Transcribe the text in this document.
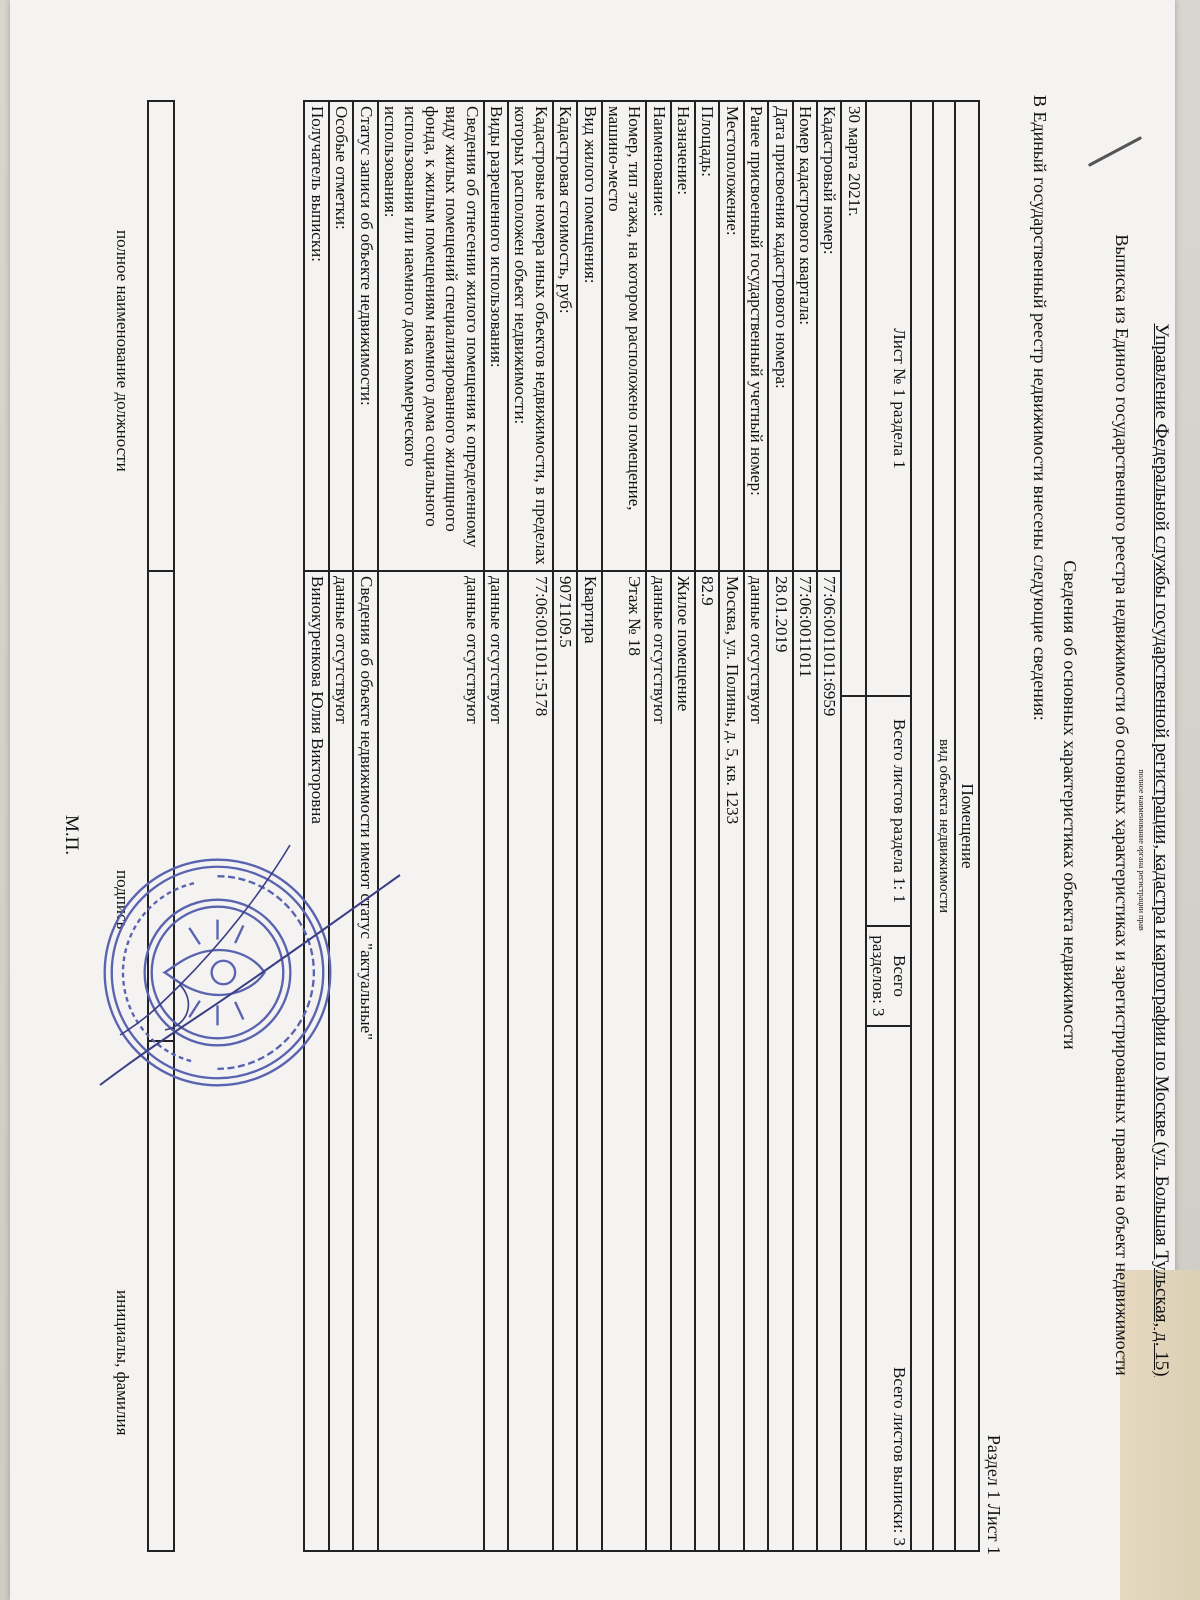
Управление Федеральной службы государственной регистрации, кадастра и картографии по Москве (ул. Большая Тульская, д. 15)
полное наименование органа регистрации прав
Выписка из Единого государственного реестра недвижимости об основных характеристиках и зарегистрированных правах на объект недвижимости
Сведения об основных характеристиках объекта недвижимости
В Единый государственный реестр недвижимости внесены следующие сведения:
Раздел 1 Лист 1
Помещение				
вид объекта недвижимости				

Лист № 1 раздела 1		Всего листов раздела 1: 1	Всего разделов: 3	Всего листов выписки: 3
30 марта 2021г.				
Кадастровый номер:	77:06:0011011:6959			
Номер кадастрового квартала:	77:06:0011011			
Дата присвоения кадастрового номера:	28.01.2019			
Ранее присвоенный государственный учетный номер:	данные отсутствуют			
Местоположение:	Москва, ул. Полины, д. 5, кв. 1233			
Площадь:	82.9			
Назначение:	Жилое помещение			
Наименование:	данные отсутствуют			
Номер, тип этажа, на котором расположено помещение, машино-место	Этаж № 18			
Вид жилого помещения:	Квартира			
Кадастровая стоимость, руб:	9071109.5			
Кадастровые номера иных объектов недвижимости, в пределах которых расположен объект недвижимости:	77:06:0011011:5178			
Виды разрешенного использования:	данные отсутствуют			
Сведения об отнесении жилого помещения к определенному виду жилых помещений специализированного жилищного фонда, к жилым помещениям наемного дома социального использования или наемного дома коммерческого использования:	данные отсутствуют			
Статус записи об объекте недвижимости:	Сведения об объекте недвижимости имеют статус "актуальные"			
Особые отметки:	данные отсутствуют			
Получатель выписки:	Винокуренкова Юлия Викторовна			

полное наименование должности
подпись
инициалы, фамилия
М.П.
